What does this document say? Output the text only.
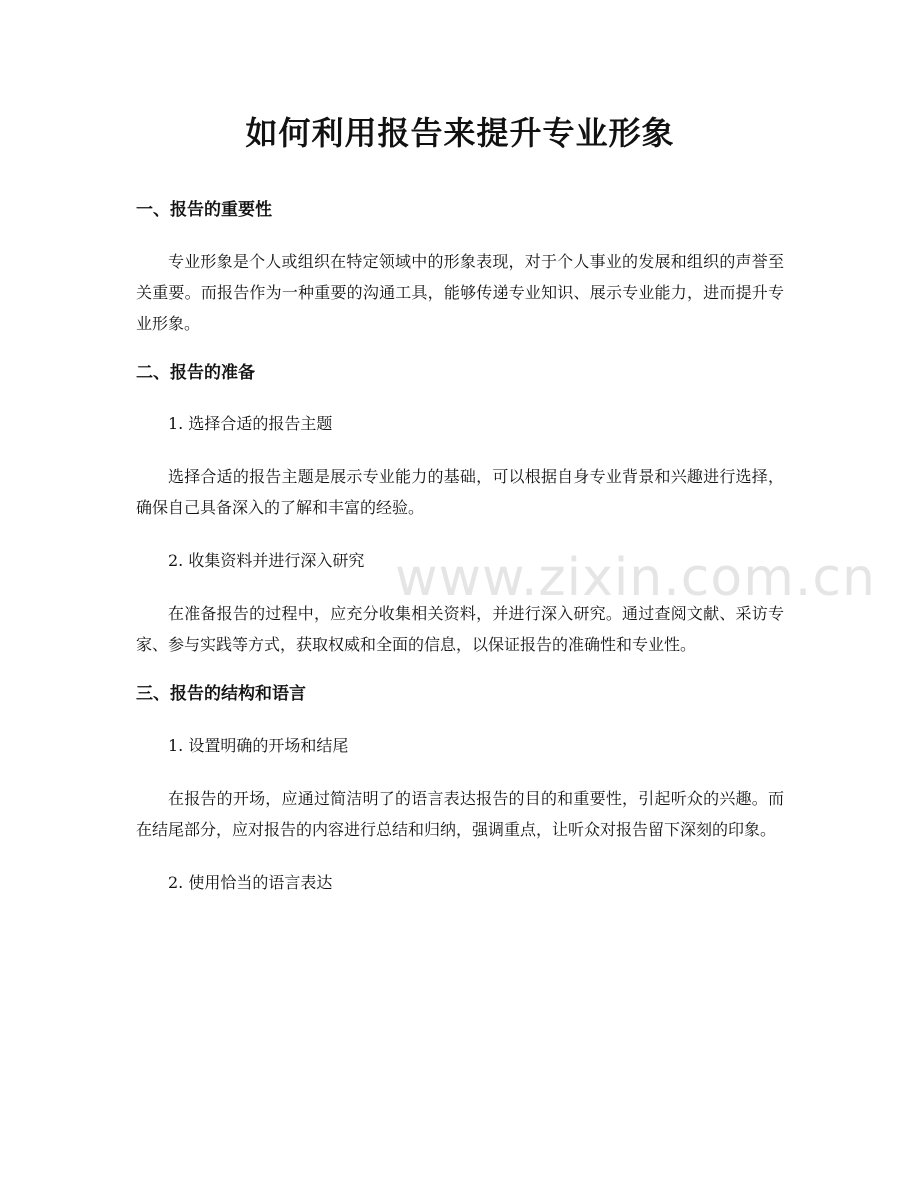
如何利用报告来提升专业形象
一、报告的重要性

专业形象是个人或组织在特定领域中的形象表现，对于个人事业的发展和组织的声誉至关重要。而报告作为一种重要的沟通工具，能够传递专业知识、展示专业能力，进而提升专业形象。

二、报告的准备

1. 选择合适的报告主题

选择合适的报告主题是展示专业能力的基础，可以根据自身专业背景和兴趣进行选择，确保自己具备深入的了解和丰富的经验。

2. 收集资料并进行深入研究

在准备报告的过程中，应充分收集相关资料，并进行深入研究。通过查阅文献、采访专家、参与实践等方式，获取权威和全面的信息，以保证报告的准确性和专业性。

三、报告的结构和语言

1. 设置明确的开场和结尾

在报告的开场，应通过简洁明了的语言表达报告的目的和重要性，引起听众的兴趣。而在结尾部分，应对报告的内容进行总结和归纳，强调重点，让听众对报告留下深刻的印象。

2. 使用恰当的语言表达

www.zixin.com.cn
